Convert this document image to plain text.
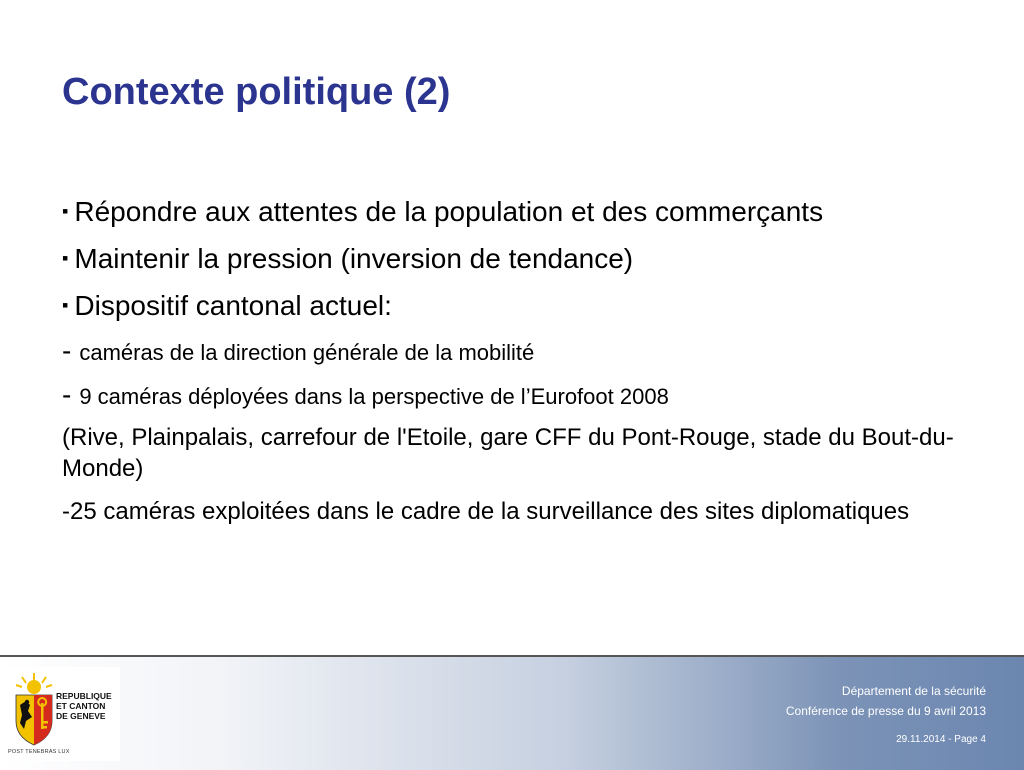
Contexte politique (2)

▪ Répondre aux attentes de la population et des commerçants

▪ Maintenir la pression (inversion de tendance)

▪ Dispositif cantonal actuel:

- caméras de la direction générale de la mobilité

- 9 caméras déployées dans la perspective de l’Eurofoot 2008

(Rive, Plainpalais, carrefour de l'Etoile, gare CFF du Pont-Rouge, stade du Bout-du-Monde)

-25 caméras exploitées dans le cadre de la surveillance des sites diplomatiques

REPUBLIQUE
ET CANTON
DE GENEVE
POST TENEBRAS LUX
Département de la sécurité
Conférence de presse du 9 avril 2013
29.11.2014 - Page 4
